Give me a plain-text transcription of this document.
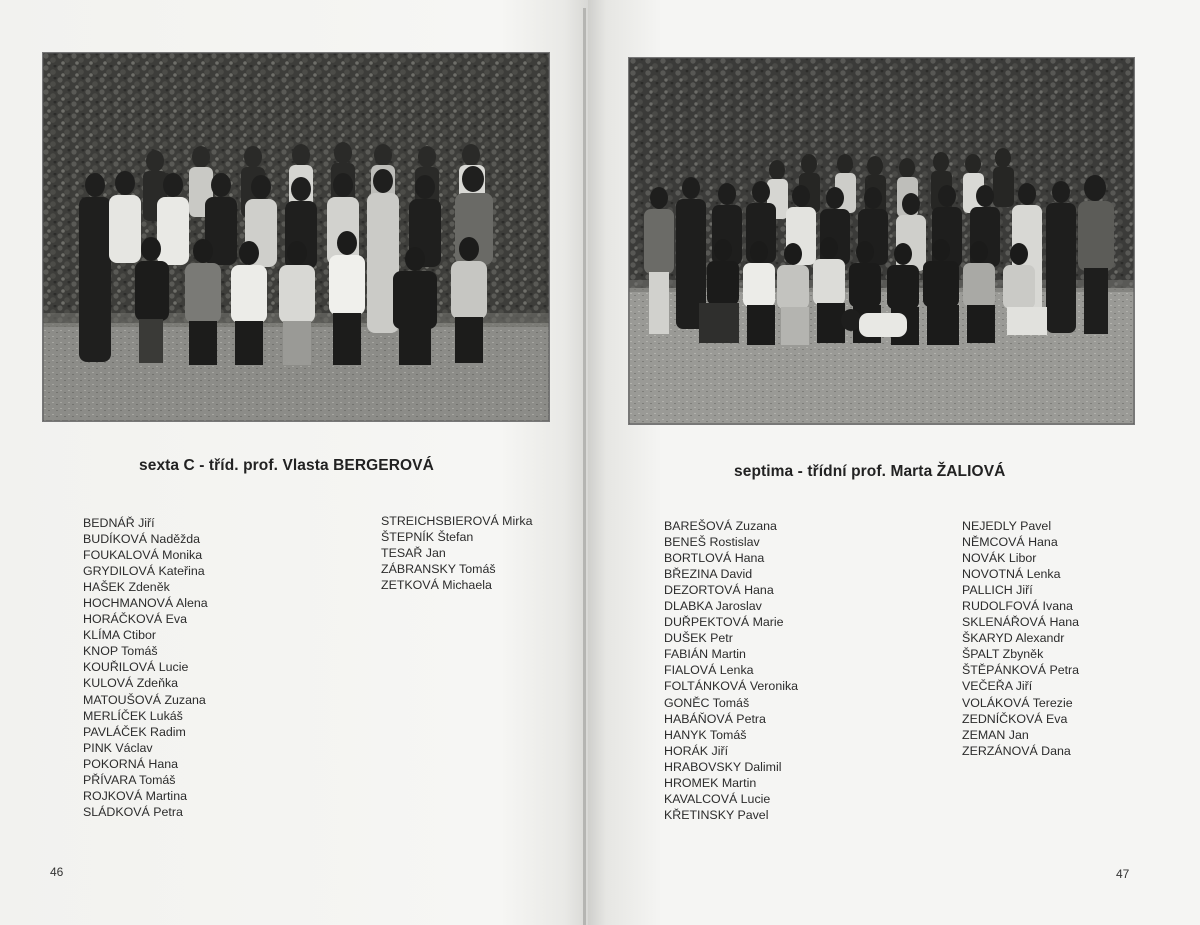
sexta C - tříd. prof. Vlasta BERGEROVÁ	septima - třídní prof. Marta ŽALIOVÁ
BEDNÁŘ Jiří
BUDÍKOVÁ Naděžda
FOUKALOVÁ Monika
GRYDILOVÁ Kateřina
HAŠEK Zdeněk
HOCHMANOVÁ Alena
HORÁČKOVÁ Eva
KLÍMA Ctibor
KNOP Tomáš
KOUŘILOVÁ Lucie
KULOVÁ Zdeňka
MATOUŠOVÁ Zuzana
MERLÍČEK Lukáš
PAVLÁČEK Radim
PINK Václav
POKORNÁ Hana
PŘÍVARA Tomáš
ROJKOVÁ Martina
SLÁDKOVÁ Petra
STREICHSBIEROVÁ Mirka
ŠTEPNÍK Štefan
TESAŘ Jan
ZÁBRANSKY Tomáš
ZETKOVÁ Michaela
BAREŠOVÁ Zuzana
BENEŠ Rostislav
BORTLOVÁ Hana
BŘEZINA David
DEZORTOVÁ Hana
DLABKA Jaroslav
DUŘPEKTOVÁ Marie
DUŠEK Petr
FABIÁN Martin
FIALOVÁ Lenka
FOLTÁNKOVÁ Veronika
GONĚC Tomáš
HABÁŇOVÁ Petra
HANYK Tomáš
HORÁK Jiří
HRABOVSKY Dalimil
HROMEK Martin
KAVALCOVÁ Lucie
KŘETINSKY Pavel
NEJEDLY Pavel
NĚMCOVÁ Hana
NOVÁK Libor
NOVOTNÁ Lenka
PALLICH Jiří
RUDOLFOVÁ Ivana
SKLENÁŘOVÁ Hana
ŠKARYD Alexandr
ŠPALT Zbyněk
ŠTĚPÁNKOVÁ Petra
VEČEŘA Jiří
VOLÁKOVÁ Terezie
ZEDNÍČKOVÁ Eva
ZEMAN Jan
ZERZÁNOVÁ Dana
46	47
